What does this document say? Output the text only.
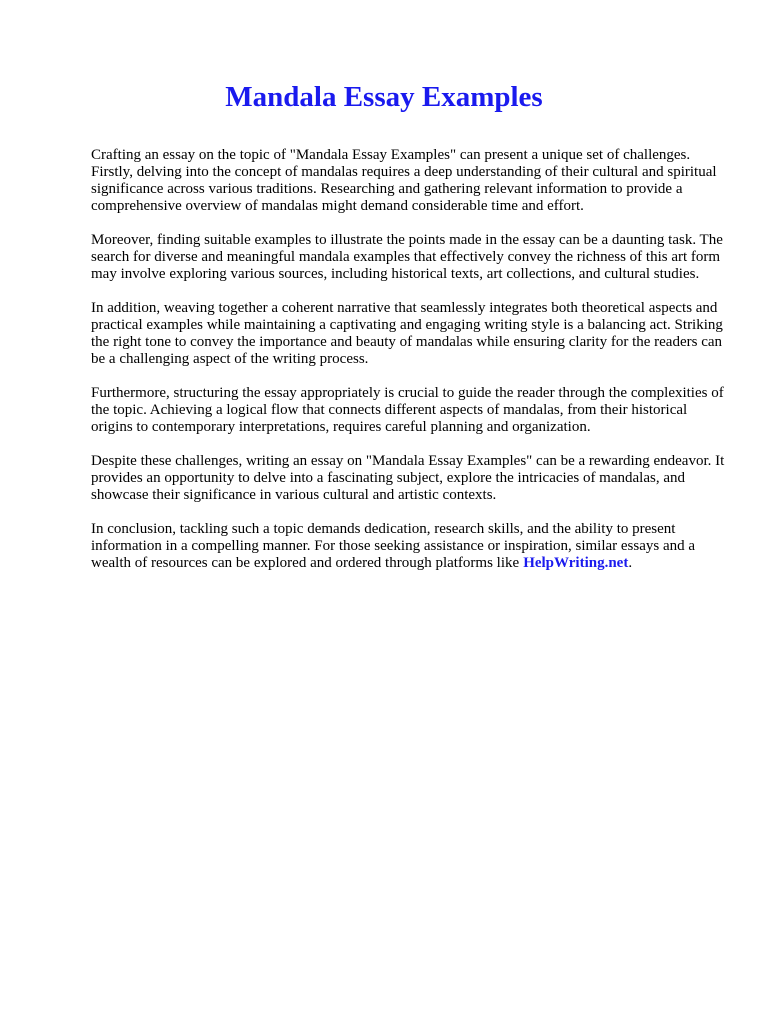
Mandala Essay Examples

Crafting an essay on the topic of "Mandala Essay Examples" can present a unique set of challenges. Firstly, delving into the concept of mandalas requires a deep understanding of their cultural and spiritual significance across various traditions. Researching and gathering relevant information to provide a comprehensive overview of mandalas might demand considerable time and effort.

Moreover, finding suitable examples to illustrate the points made in the essay can be a daunting task. The search for diverse and meaningful mandala examples that effectively convey the richness of this art form may involve exploring various sources, including historical texts, art collections, and cultural studies.

In addition, weaving together a coherent narrative that seamlessly integrates both theoretical aspects and practical examples while maintaining a captivating and engaging writing style is a balancing act. Striking the right tone to convey the importance and beauty of mandalas while ensuring clarity for the readers can be a challenging aspect of the writing process.

Furthermore, structuring the essay appropriately is crucial to guide the reader through the complexities of the topic. Achieving a logical flow that connects different aspects of mandalas, from their historical origins to contemporary interpretations, requires careful planning and organization.

Despite these challenges, writing an essay on "Mandala Essay Examples" can be a rewarding endeavor. It provides an opportunity to delve into a fascinating subject, explore the intricacies of mandalas, and showcase their significance in various cultural and artistic contexts.

In conclusion, tackling such a topic demands dedication, research skills, and the ability to present information in a compelling manner. For those seeking assistance or inspiration, similar essays and a wealth of resources can be explored and ordered through platforms like HelpWriting.net.
